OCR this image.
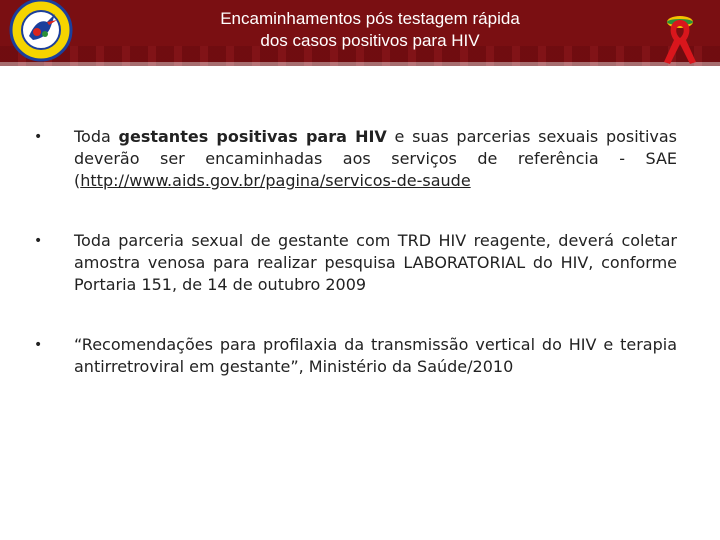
Encaminhamentos pós testagem rápida
dos casos positivos para HIV
•	Toda gestantes positivas para HIV e suas parcerias sexuais positivas deverão ser encaminhadas aos serviços de referência - SAE (http://www.aids.gov.br/pagina/servicos-de-saude
•	Toda parceria sexual de gestante com TRD HIV reagente, deverá coletar amostra venosa para realizar pesquisa LABORATORIAL do HIV, conforme Portaria 151, de 14 de outubro 2009
•	“Recomendações para profilaxia da transmissão vertical do HIV e terapia antirretroviral em gestante”, Ministério da Saúde/2010
